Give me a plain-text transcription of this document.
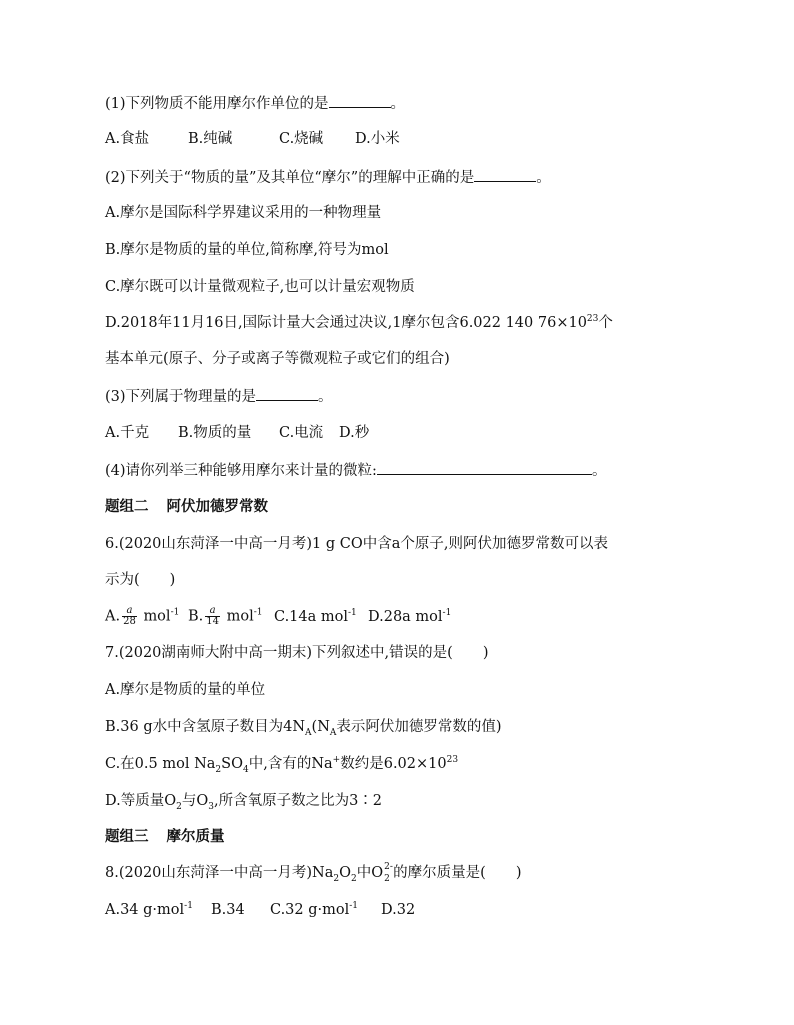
(1)下列物质不能用摩尔作单位的是	。
A.食盐	B.纯碱	C.烧碱 D.小米
(2)下列关于“物质的量”及其单位“摩尔”的理解中正确的是	。
A.摩尔是国际科学界建议采用的一种物理量
B.摩尔是物质的量的单位,简称摩,符号为mol
C.摩尔既可以计量微观粒子,也可以计量宏观物质
D.2018年11月16日,国际计量大会通过决议,1摩尔包含6.022 140 $76\times 10^{23}$个
基本单元(原子、分子或离子等微观粒子或它们的组合)
(3)下列属于物理量的是	。
A.千克 B.物质的量 C.电流 D.秒
(4)请你列举三种能够用摩尔来计量的微粒:	。
题组二 阿伏加德罗常数
6.(2020山东菏泽一中高一月考)1 g CO中含a个原子,则阿伏加德罗常数可以表
示为( )
A. $\frac{a}{28} mol^{-1}$ B. $\frac{a}{14} mol^{-1}$ C.14a mol$^{-1}$ D.28a mol$^{-1}$
7.(2020湖南师大附中高一期末)下列叙述中,错误的是( )
A.摩尔是物质的量的单位
B.36 g水中含氢原子数目为$4N_A(N_A$表示阿伏加德罗常数的值)
C.在0.5 mol $Na_2SO_4$中,含有的Na+数约是$6.02\times 10^{23}$
D.等质量$O_2$与$O_3$,所含氧原子数之比为3∶2
题组三 摩尔质量
8.(2020山东菏泽一中高一月考)$Na_2O_2$中O 2-
2 的摩尔质量是( )
A.34 g·mol$^{-1}$ B.34 C.32 g·mol$^{-1}$ D.32
